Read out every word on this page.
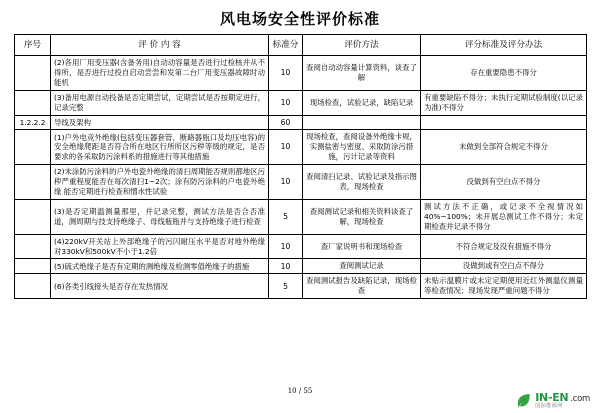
风电场安全性评价标准
序号	评 价 内 容	标准分	评价方法	评分标准及评分办法
	(2)各用厂用变压器(含备务用)自动动容量是否进行过检核并从不得所，是否进行过投自启动尝尝和发第二台厂用变压器故障时动能机	10	查阅自动动容量计算资料，谈查了解	存在重要隐患不得分
	(3)备用电源自动投备是否定期尝试，定期尝试是否按期定进行，记录完整	10	现场检查，试验记录，缺陷记录	有重要缺陷不得分；未执行定期试验制度(以记录为准)不得分
1.2.2.2	导线及架构	60		
	(1)户外电竞外绝缘(包括变压器套管、断路器瓶口及均压电容)的安全绝缘爬距是否符合所在地区行所所区污秽等级的规定，是否要求的各采取防污涂料系的措施进行等其他措施	10	现场检查，查阅设备外绝缘卡规，实测盐密与密度、采取防涂污措施，污计记录等资料	未做到全部符合规定不得分
	(2)未涂防污涂料的户外电瓷外绝缘的清扫周期能否规则都地区污秽严重程度能否在每次清扫1~2次；涂有防污涂料的户电瓷外绝缘 能否定期进行检查和憎水性试验	10	查阅清扫记录、试验记录及指示图表，现场检查	没做到有空白点不得分
	(3)是否定期温测量那里，并记录完整，测试方法是否合否准 道，测周期与技支持绝缘子、母线瓶瓶并与支持绝缘子进行检查	5	查阅测试记录和相关资料谈查了解，现场检查	测试方法不正确，或记录不全视情况如40%~100%；未开展总测试工作不得分；未定期检查并记录不得分
	(4)220kV开关站上外部绝缘子的污闪耐压水平是否对地外绝缘对330kV和500kV不小于1.2倍	10	查厂家说明书和现场检查	不符合规定及没有措施不得分
	(5)硫式绝缘子是否有定期的测绝缘及检测零值绝缘子的措施	10	查阅测试记录	没做到或有空白点不得分
	(6)各类引线接头是否存在发热情况	5	查阅测试报告及缺陷记录，现场检查	未贴示温膜片或未定定期使用近红外测温仪测量等检查情况；现场发现严重问题不得分
10 / 55
IN-EN .com
国际能源网
